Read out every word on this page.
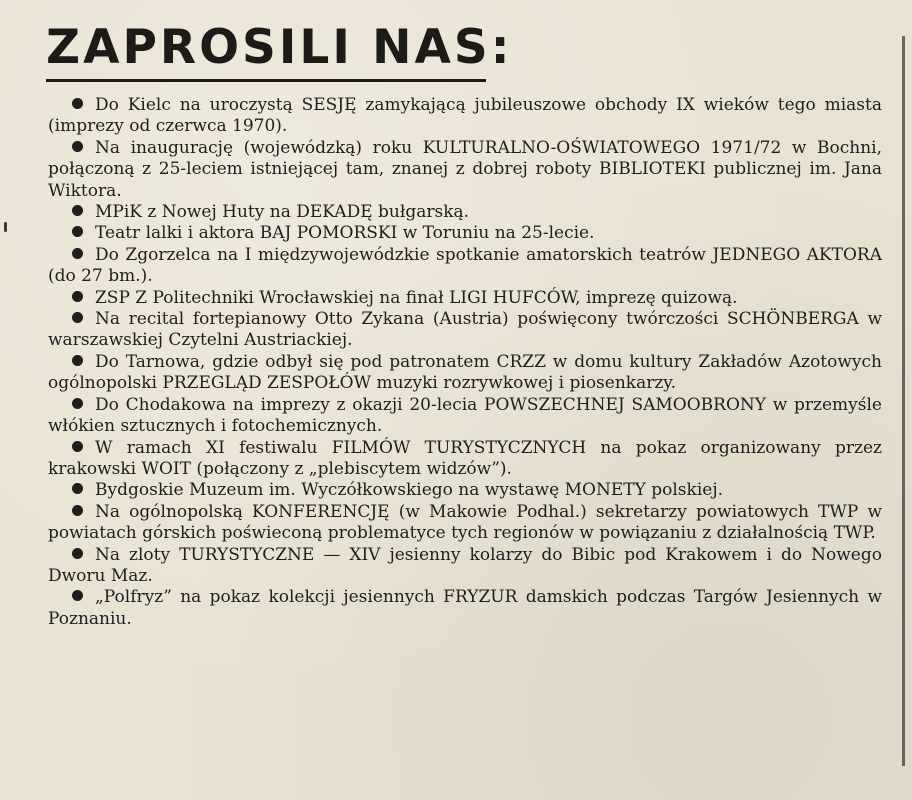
ZAPROSILI NAS:

Do Kielc na uroczystą SESJĘ zamykającą jubileuszowe obchody IX wieków tego miasta (imprezy od czerwca 1970).

Na inaugurację (wojewódzką) roku KULTURALNO-OŚWIATOWEGO 1971/72 w Bochni, połączoną z 25-leciem istniejącej tam, znanej z dobrej roboty BIBLIOTEKI publicznej im. Jana Wiktora.

MPiK z Nowej Huty na DEKADĘ bułgarską.

Teatr lalki i aktora BAJ POMORSKI w Toruniu na 25-lecie.

Do Zgorzelca na I międzywojewódzkie spotkanie amatorskich teatrów JEDNEGO AKTORA (do 27 bm.).

ZSP Z Politechniki Wrocławskiej na finał LIGI HUFCÓW, imprezę quizową.

Na recital fortepianowy Otto Zykana (Austria) poświęcony twórczości SCHÖNBERGA w warszawskiej Czytelni Austriackiej.

Do Tarnowa, gdzie odbył się pod patronatem CRZZ w domu kultury Zakładów Azotowych ogólnopolski PRZEGLĄD ZESPOŁÓW muzyki rozrywkowej i piosenkarzy.

Do Chodakowa na imprezy z okazji 20-lecia POWSZECHNEJ SAMOOBRONY w przemyśle włókien sztucznych i fotochemicznych.

W ramach XI festiwalu FILMÓW TURYSTYCZNYCH na pokaz organizowany przez krakowski WOIT (połączony z „plebiscytem widzów”).

Bydgoskie Muzeum im. Wyczółkowskiego na wystawę MONETY polskiej.

Na ogólnopolską KONFERENCJĘ (w Makowie Podhal.) sekretarzy powiatowych TWP w powiatach górskich poświeconą problematyce tych regionów w powiązaniu z działalnością TWP.

Na zloty TURYSTYCZNE — XIV jesienny kolarzy do Bibic pod Krakowem i do Nowego Dworu Maz.

„Polfryz” na pokaz kolekcji jesiennych FRYZUR damskich podczas Targów Jesiennych w Poznaniu.
